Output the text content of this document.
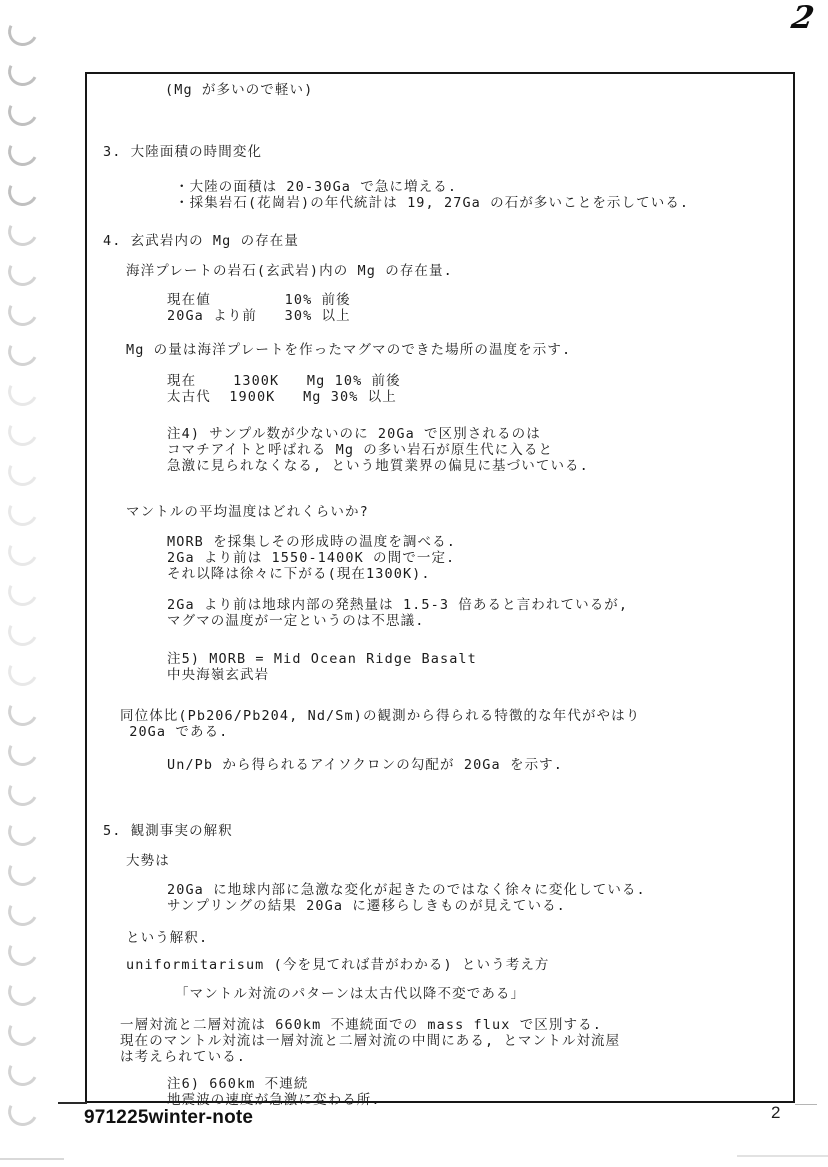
2
(Mg が多いので軽い)
3. 大陸面積の時間変化
・大陸の面積は 20-30Ga で急に増える.
・採集岩石(花崗岩)の年代統計は 19, 27Ga の石が多いことを示している.
4. 玄武岩内の Mg の存在量
海洋プレートの岩石(玄武岩)内の Mg の存在量.
現在値        10% 前後
20Ga より前   30% 以上
Mg の量は海洋プレートを作ったマグマのできた場所の温度を示す.
現在    1300K   Mg 10% 前後
太古代  1900K   Mg 30% 以上
注4) サンプル数が少ないのに 20Ga で区別されるのは
コマチアイトと呼ばれる Mg の多い岩石が原生代に入ると
急激に見られなくなる, という地質業界の偏見に基づいている.
マントルの平均温度はどれくらいか?
MORB を採集しその形成時の温度を調べる.
2Ga より前は 1550-1400K の間で一定.
それ以降は徐々に下がる(現在1300K).
2Ga より前は地球内部の発熱量は 1.5-3 倍あると言われているが,
マグマの温度が一定というのは不思議.
注5) MORB = Mid Ocean Ridge Basalt
中央海嶺玄武岩
同位体比(Pb206/Pb204, Nd/Sm)の観測から得られる特徴的な年代がやはり
20Ga である.
Un/Pb から得られるアイソクロンの勾配が 20Ga を示す.
5. 観測事実の解釈
大勢は
20Ga に地球内部に急激な変化が起きたのではなく徐々に変化している.
サンプリングの結果 20Ga に遷移らしきものが見えている.
という解釈.
uniformitarisum (今を見てれば昔がわかる) という考え方
「マントル対流のパターンは太古代以降不変である」
一層対流と二層対流は 660km 不連続面での mass flux で区別する.
現在のマントル対流は一層対流と二層対流の中間にある, とマントル対流屋
は考えられている.
注6) 660km 不連続
地震波の速度が急激に変わる所.
971225winter-note	2
